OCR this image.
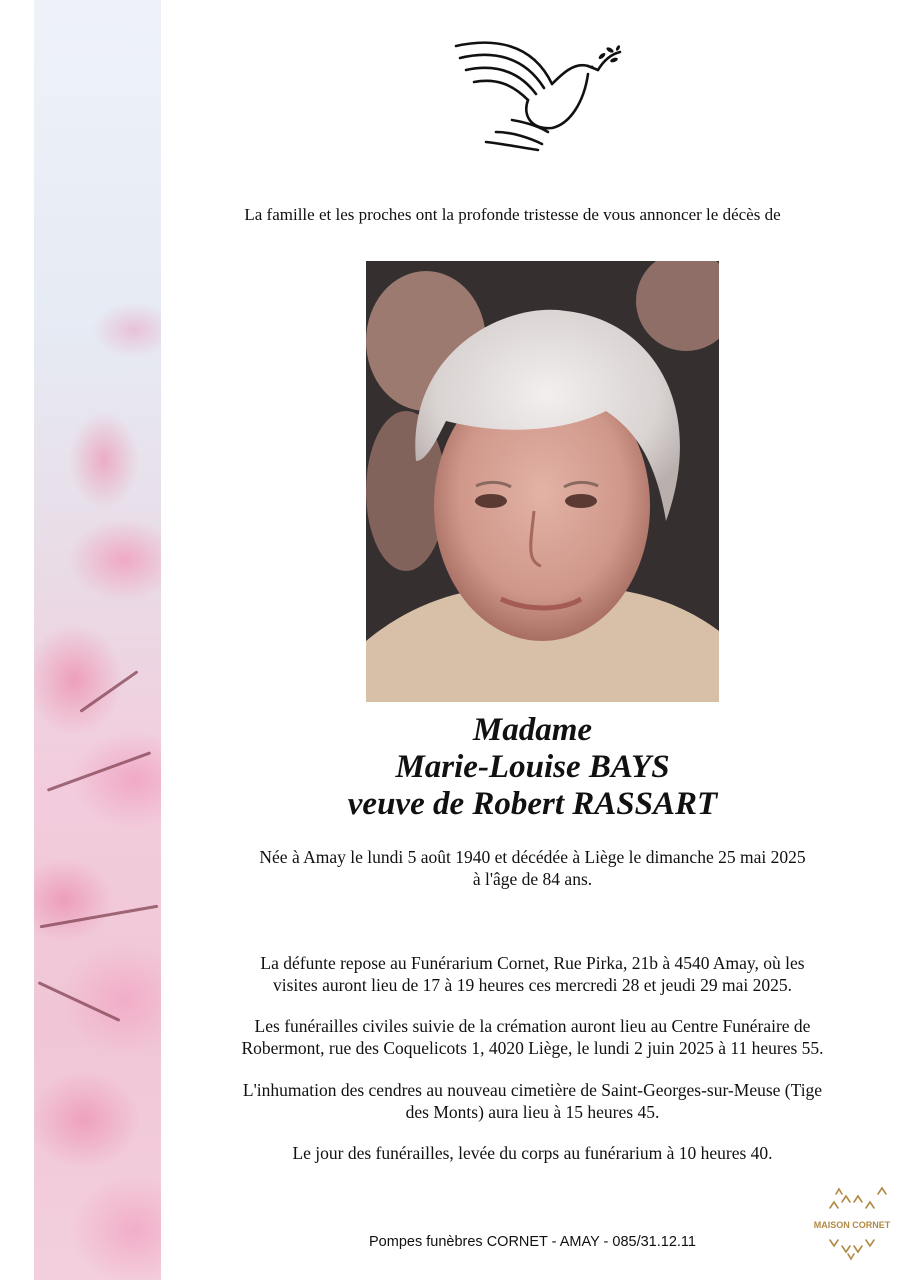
La famille et les proches ont la profonde tristesse de vous annoncer le décès de
Madame
Marie-Louise BAYS
veuve de Robert RASSART
Née à Amay le lundi 5 août 1940 et décédée à Liège le dimanche 25 mai 2025
à l'âge de 84 ans.
La défunte repose au Funérarium Cornet, Rue Pirka, 21b à 4540 Amay, où les
visites auront lieu de 17 à 19 heures ces mercredi 28 et jeudi 29 mai 2025.
Les funérailles civiles suivie de la crémation auront lieu au Centre Funéraire de
Robermont, rue des Coquelicots 1, 4020 Liège, le lundi 2 juin 2025 à 11 heures 55.
L'inhumation des cendres au nouveau cimetière de Saint-Georges-sur-Meuse (Tige
des Monts) aura lieu à 15 heures 45.
Le jour des funérailles, levée du corps au funérarium à 10 heures 40.
Pompes funèbres CORNET - AMAY - 085/31.12.11
MAISON CORNET
